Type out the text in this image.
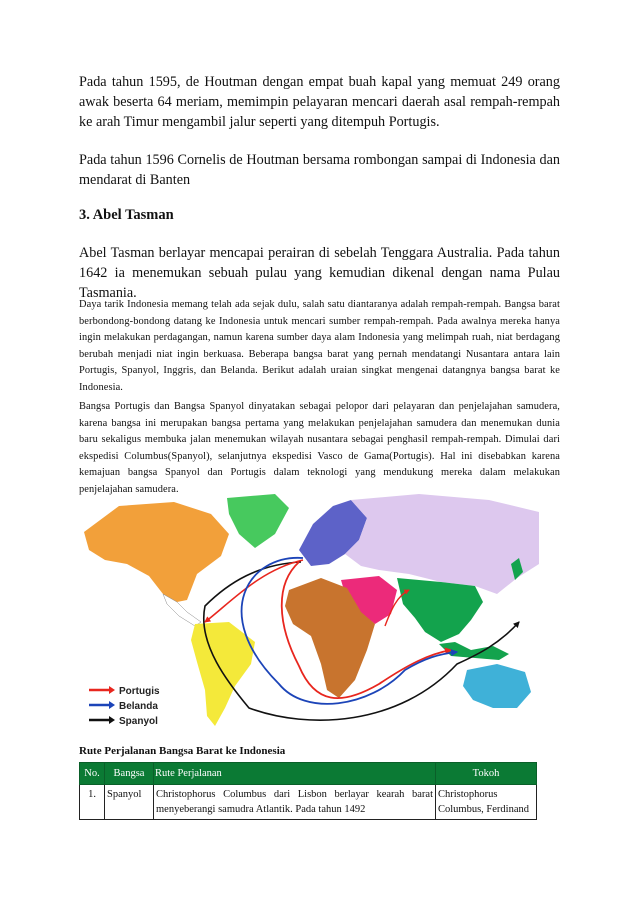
Pada tahun 1595, de Houtman dengan empat buah kapal yang memuat 249 orang awak beserta 64 meriam, memimpin pelayaran mencari daerah asal rempah-rempah ke arah Timur mengambil jalur seperti yang ditempuh Portugis.

Pada tahun 1596 Cornelis de Houtman bersama rombongan sampai di Indonesia dan mendarat di Banten

3. Abel Tasman

Abel Tasman berlayar mencapai perairan di sebelah Tenggara Australia. Pada tahun 1642 ia menemukan sebuah pulau yang kemudian dikenal dengan nama Pulau Tasmania.

Daya tarik Indonesia memang telah ada sejak dulu, salah satu diantaranya adalah rempah-rempah. Bangsa barat berbondong-bondong datang ke Indonesia untuk mencari sumber rempah-rempah. Pada awalnya mereka hanya ingin melakukan perdagangan, namun karena sumber daya alam Indonesia yang melimpah ruah, niat berdagang berubah menjadi niat ingin berkuasa. Beberapa bangsa barat yang pernah mendatangi Nusantara antara lain Portugis, Spanyol, Inggris, dan Belanda. Berikut adalah uraian singkat mengenai datangnya bangsa barat ke Indonesia.

Bangsa Portugis dan Bangsa Spanyol dinyatakan sebagai pelopor dari pelayaran dan penjelajahan samudera, karena bangsa ini merupakan bangsa pertama yang melakukan penjelajahan samudera dan menemukan dunia baru sekaligus membuka jalan menemukan wilayah nusantara sebagai penghasil rempah-rempah. Dimulai dari ekspedisi Columbus(Spanyol), selanjutnya ekspedisi Vasco de Gama(Portugis). Hal ini disebabkan karena kemajuan bangsa Spanyol dan Portugis dalam teknologi yang mendukung mereka dalam melakukan penjelajahan samudera.

Portugis
Belanda
Spanyol

Rute Perjalanan Bangsa Barat ke Indonesia

No.	Bangsa	Rute Perjalanan	Tokoh
1.	Spanyol	Christophorus Columbus dari Lisbon berlayar kearah barat menyeberangi samudra Atlantik. Pada tahun 1492	Christophorus Columbus, Ferdinand
